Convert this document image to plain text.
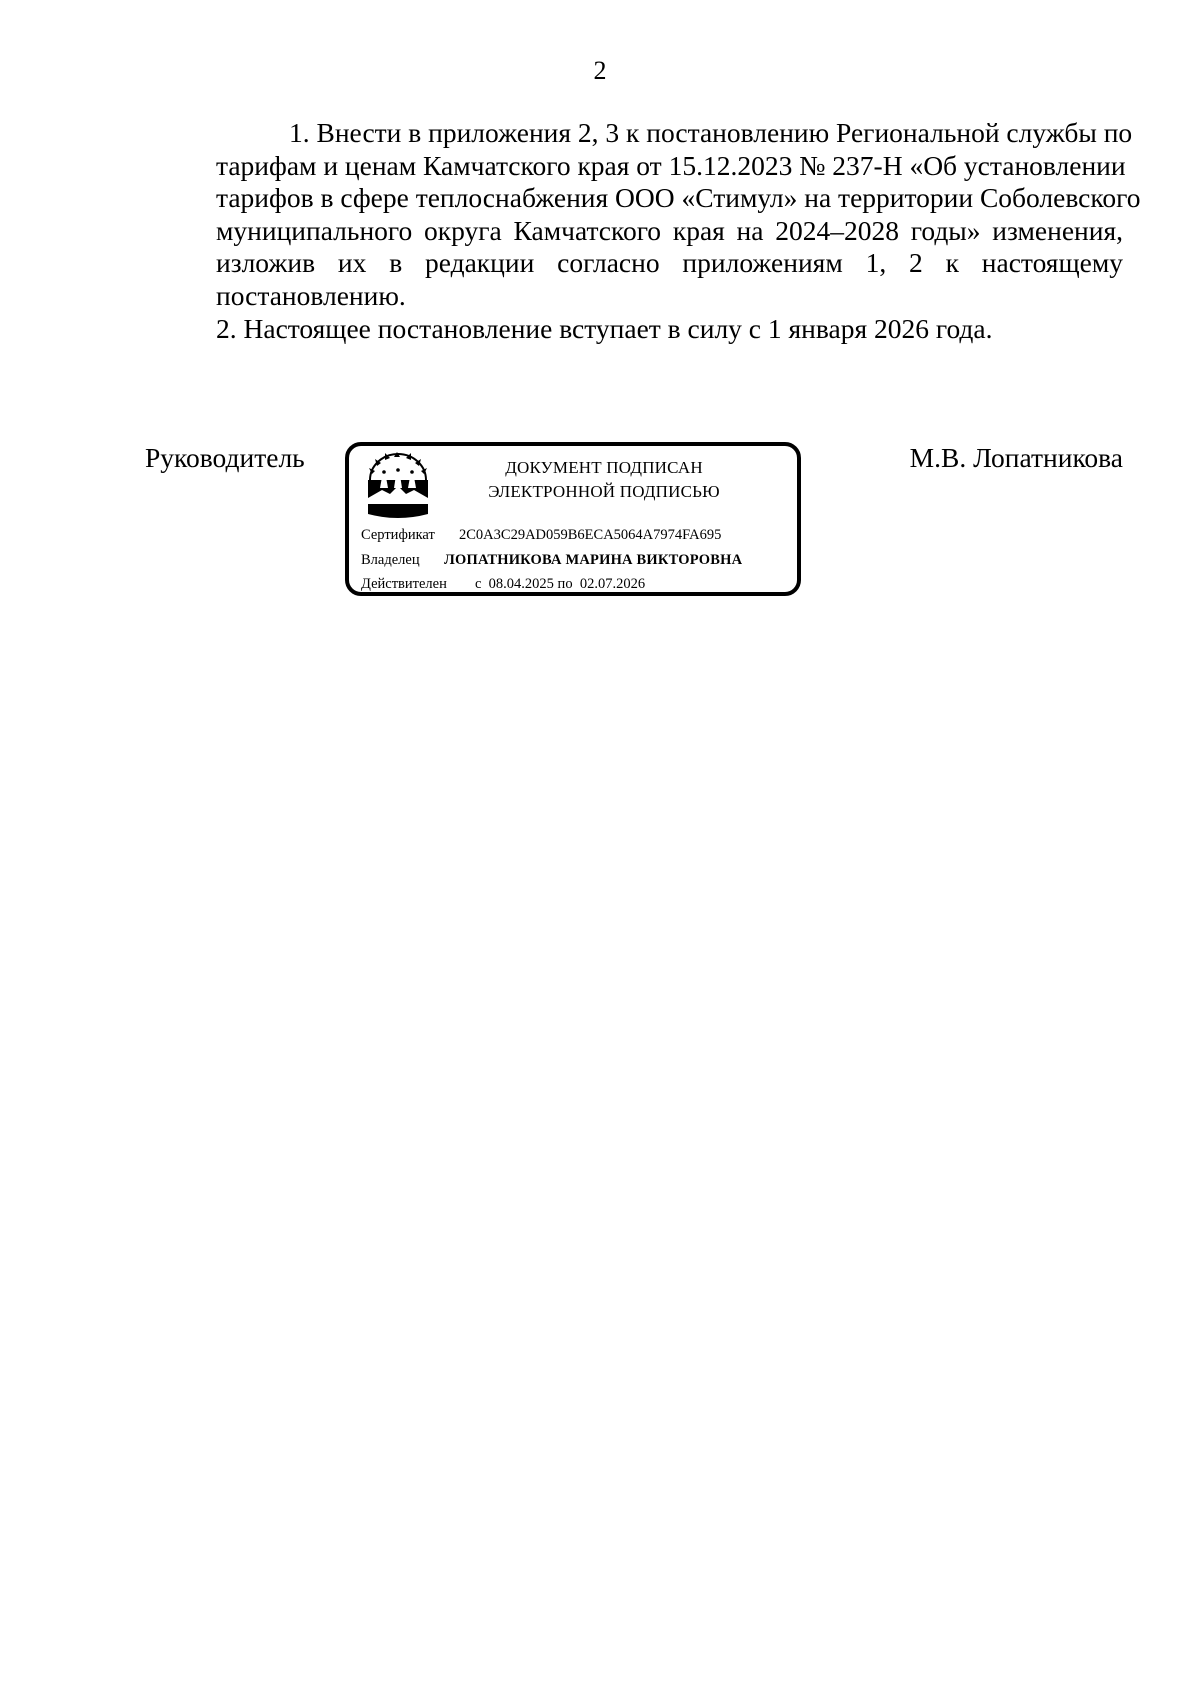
2
1. Внести в приложения 2, 3 к постановлению Региональной службы по
тарифам и ценам Камчатского края от 15.12.2023 № 237-Н «Об установлении
тарифов в сфере теплоснабжения ООО «Стимул» на территории Соболевского
муниципального округа Камчатского края на 2024–2028 годы» изменения,
изложив их в редакции согласно приложениям 1, 2 к настоящему
постановлению.
2. Настоящее постановление вступает в силу с 1 января 2026 года.
Руководитель	ДОКУМЕНТ ПОДПИСАН
ЭЛЕКТРОННОЙ ПОДПИСЬЮ
Сертификат 2C0A3C29AD059B6ECA5064A7974FA695
Владелец ЛОПАТНИКОВА МАРИНА ВИКТОРОВНА
Действителен с  08.04.2025 по  02.07.2026
М.В. Лопатникова
